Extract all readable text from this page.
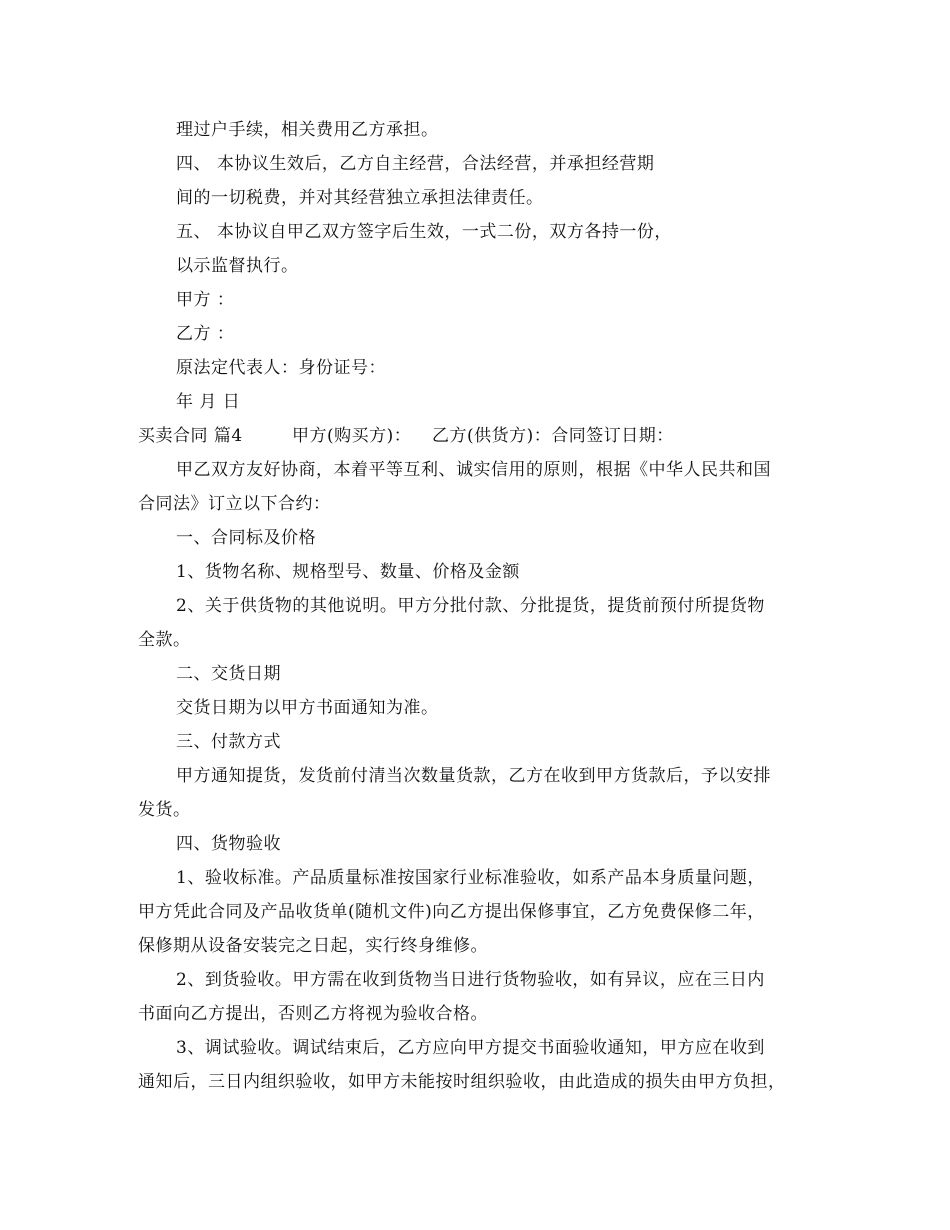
理过户手续，相关费用乙方承担。
四、 本协议生效后，乙方自主经营，合法经营，并承担经营期
间的一切税费，并对其经营独立承担法律责任。
五、 本协议自甲乙双方签字后生效，一式二份，双方各持一份，
以示监督执行。
甲方 ：
乙方 ：
原法定代表人：身份证号：
年 月 日
买卖合同 篇4	甲方(购买方)： 乙方(供货方)：合同签订日期：
甲乙双方友好协商，本着平等互利、诚实信用的原则，根据《中华人民共和国
合同法》订立以下合约：
一、合同标及价格
1、货物名称、规格型号、数量、价格及金额
2、关于供货物的其他说明。甲方分批付款、分批提货，提货前预付所提货物
全款。
二、交货日期
交货日期为以甲方书面通知为准。
三、付款方式
甲方通知提货，发货前付清当次数量货款，乙方在收到甲方货款后，予以安排
发货。
四、货物验收
1、验收标准。产品质量标准按国家行业标准验收，如系产品本身质量问题，
甲方凭此合同及产品收货单(随机文件)向乙方提出保修事宜，乙方免费保修二年，
保修期从设备安装完之日起，实行终身维修。
2、到货验收。甲方需在收到货物当日进行货物验收，如有异议，应在三日内
书面向乙方提出，否则乙方将视为验收合格。
3、调试验收。调试结束后，乙方应向甲方提交书面验收通知，甲方应在收到
通知后，三日内组织验收，如甲方未能按时组织验收，由此造成的损失由甲方负担，
